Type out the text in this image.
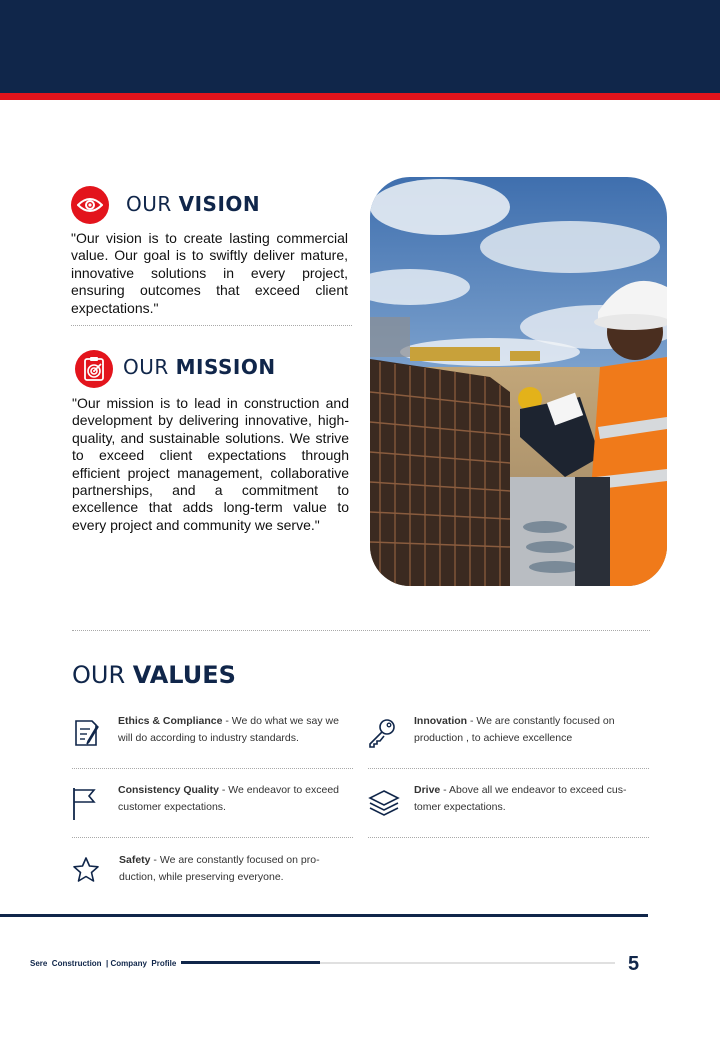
OUR VISION
"Our vision is to create lasting commercial value. Our goal is to swiftly deliver mature, innovative solutions in every project, ensuring outcomes that exceed client expectations."
OUR MISSION
"Our mission is to lead in construction and development by delivering innovative, high-quality, and sustainable solutions. We strive to exceed client expectations through efficient project management, collaborative partnerships, and a commitment to excellence that adds long-term value to every project and community we serve."
OUR VALUES
Ethics & Compliance - We do what we say we will do according to industry standards.
Innovation - We are constantly focused on production , to achieve excellence
Consistency Quality - We endeavor to exceed customer expectations.
Drive - Above all we endeavor to exceed cus-tomer expectations.
Safety - We are constantly focused on pro-duction, while preserving everyone.
Sere  Construction  | Company  Profile	5
